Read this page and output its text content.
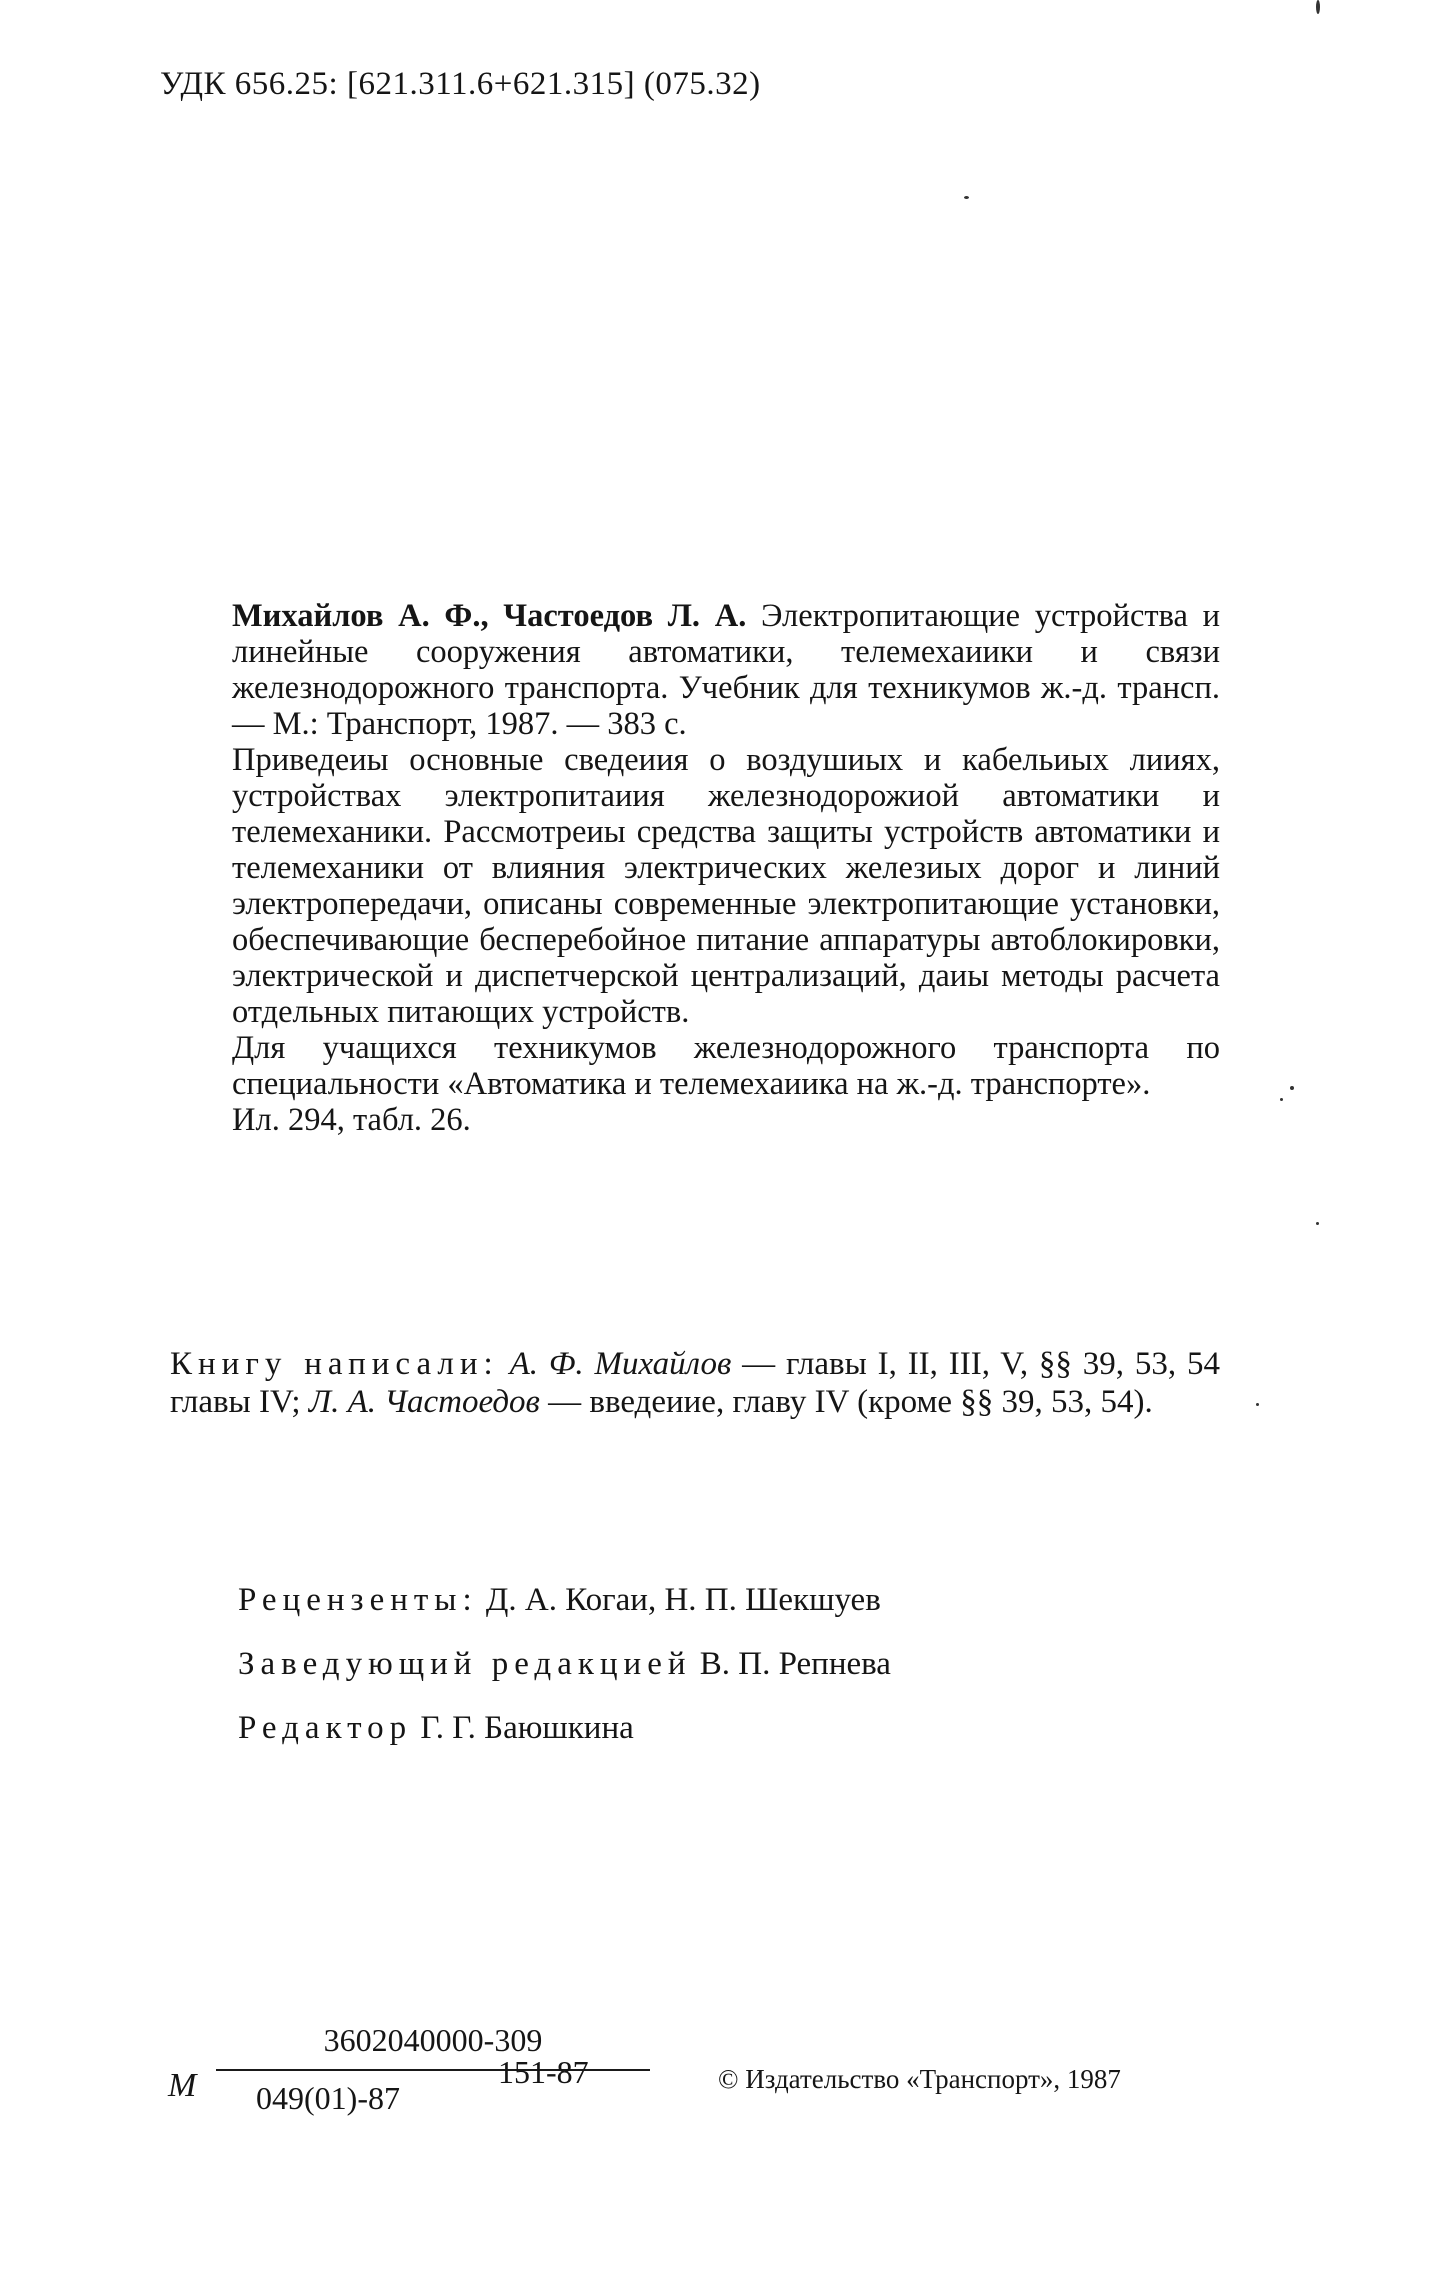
УДК 656.25: [621.311.6+621.315] (075.32)

Михайлов А. Ф., Частоедов Л. А. Электропитающие устройства и линейные сооружения автоматики, телемехаиики и связи железнодорожного транспорта. Учебник для техникумов ж.-д. трансп. — М.: Транспорт, 1987. — 383 с.

Приведеиы основные сведеиия о воздушиых и кабельиых лииях, устройствах электропитаиия железнодорожиой автоматики и телемеханики. Рассмотреиы средства защиты устройств автоматики и телемеханики от влияния электрических железиых дорог и линий электропередачи, описаны современные электропитающие установки, обеспечивающие бесперебойное питание аппаратуры автоблокировки, электрической и диспетчерской централизаций, даиы методы расчета отдельных питающих устройств.

Для учащихся техникумов железнодорожного транспорта по специальности «Автоматика и телемехаиика на ж.-д. транспорте».

Ил. 294, табл. 26.

Книгу написали: А. Ф. Михайлов — главы I, II, III, V, §§ 39, 53, 54 главы IV; Л. А. Частоедов — введеиие, главу IV (кроме §§ 39, 53, 54).
Рецензенты: Д. А. Когаи, Н. П. Шекшуев
Заведующий редакцией В. П. Репнева
Редактор Г. Г. Баюшкина
М
3602040000-309
049(01)-87
151-87	© Издательство «Транспорт», 1987
